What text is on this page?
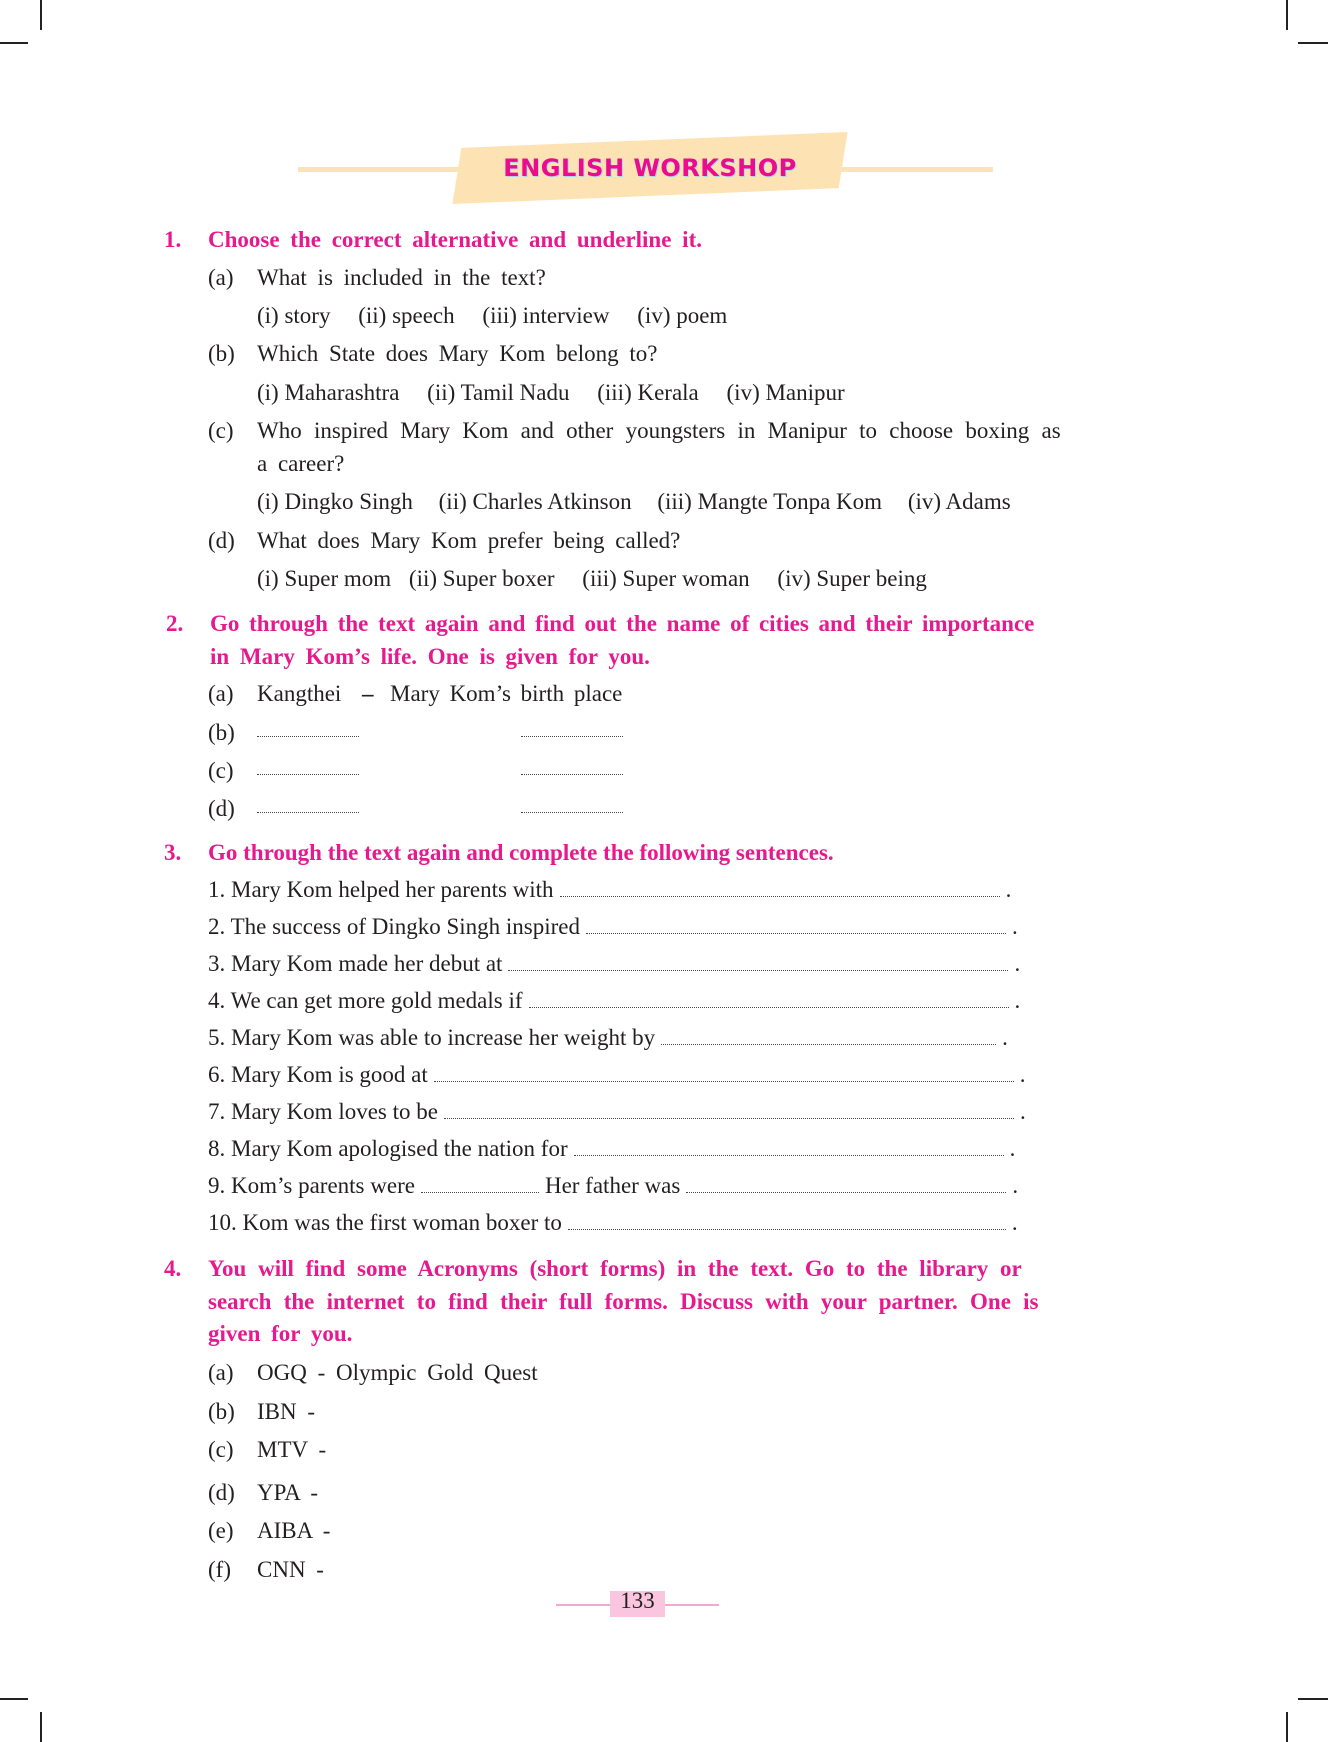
ENGLISH WORKSHOP
1. Choose the correct alternative and underline it.
(a) What is included in the text?
(i) story (ii) speech (iii) interview (iv) poem
(b) Which State does Mary Kom belong to?
(i) Maharashtra (ii) Tamil Nadu (iii) Kerala (iv) Manipur
(c) Who inspired Mary Kom and other youngsters in Manipur to choose boxing as
a career?
(i) Dingko Singh (ii) Charles Atkinson (iii) Mangte Tonpa Kom (iv) Adams
(d) What does Mary Kom prefer being called?
(i) Super mom (ii) Super boxer (iii) Super woman (iv) Super being
2. Go through the text again and find out the name of cities and their importance
in Mary Kom’s life. One is given for you.
(a) Kangthei – Mary Kom’s birth place
(b)
(c)
(d)
3. Go through the text again and complete the following sentences.
1. Mary Kom helped her parents with	.
2. The success of Dingko Singh inspired	.
3. Mary Kom made her debut at	.
4. We can get more gold medals if	.
5. Mary Kom was able to increase her weight by	.
6. Mary Kom is good at	.
7. Mary Kom loves to be	.
8. Mary Kom apologised the nation for	.
9. Kom’s parents were	Her father was	.
10. Kom was the first woman boxer to	.
4. You will find some Acronyms (short forms) in the text. Go to the library or
search the internet to find their full forms. Discuss with your partner. One is
given for you.
(a) OGQ - Olympic Gold Quest
(b) IBN -
(c) MTV -
(d) YPA -
(e) AIBA -
(f) CNN -
133
